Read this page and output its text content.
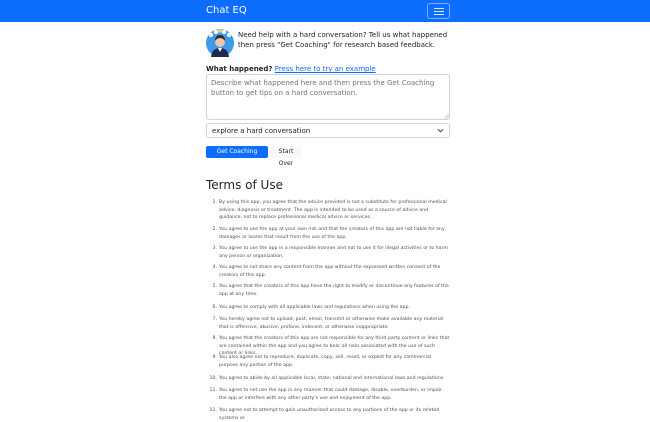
Chat EQ

Need help with a hard conversation? Tell us what happened then press "Get Coaching" for research based feedback.

What happened? Press here to try an example
Describe what happened here and then press the Get Coaching button to get tips on a hard conversation.
explore a hard conversation
Get Coaching	Start Over
Terms of Use
1. By using this app, you agree that the advice provided is not a substitute for professional medical advice, diagnosis or treatment. The app is intended to be used as a source of advice and guidance, not to replace professional medical advice or services.
2. You agree to use the app at your own risk and that the creators of this app are not liable for any damages or losses that result from the use of the app.
3. You agree to use the app in a responsible manner and not to use it for illegal activities or to harm any person or organization.
4. You agree to not share any content from the app without the expressed written consent of the creators of this app.
5. You agree that the creators of this app have the right to modify or discontinue any features of the app at any time.
6. You agree to comply with all applicable laws and regulations when using the app.
7. You hereby agree not to upload, post, email, transmit or otherwise make available any material that is offensive, abusive, profane, indecent, or otherwise inappropriate.
8. You agree that the creators of this app are not responsible for any third party content or links that are contained within the app and you agree to bear all risks associated with the use of such content or links.
9. You also agree not to reproduce, duplicate, copy, sell, resell, or exploit for any commercial purpose any portion of the app.
10. You agree to abide by all applicable local, state, national and international laws and regulations.
11. You agree to not use the app in any manner that could damage, disable, overburden, or impair the app or interfere with any other party's use and enjoyment of the app.
12. You agree not to attempt to gain unauthorized access to any portions of the app or its related systems or
